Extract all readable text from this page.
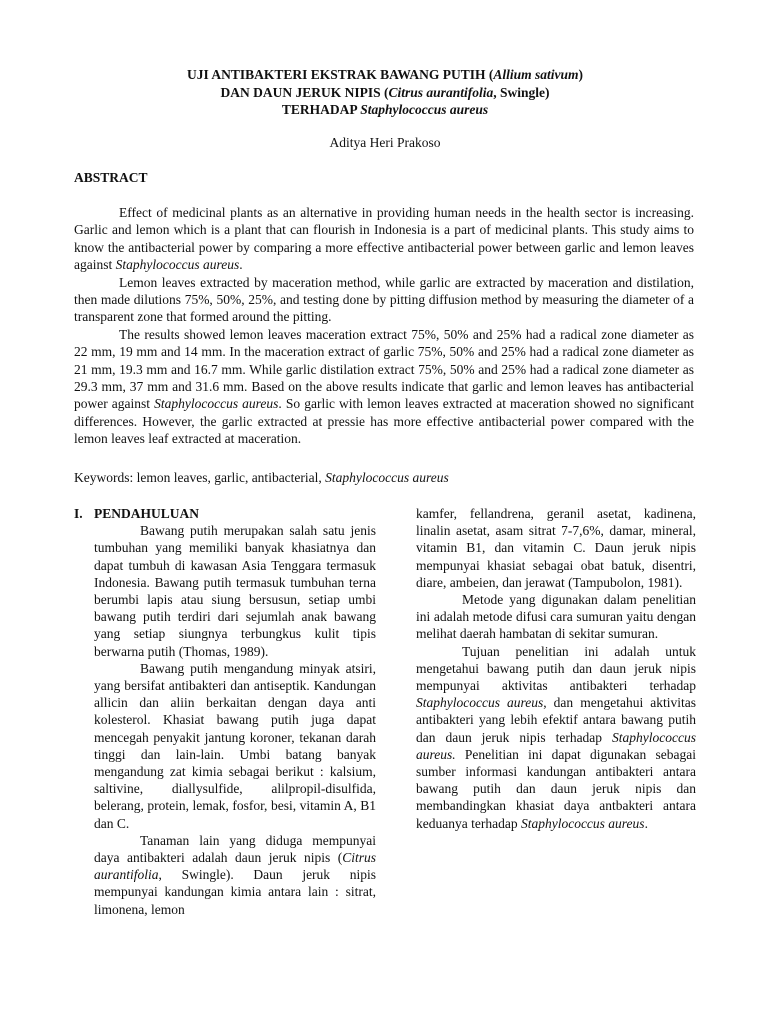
UJI ANTIBAKTERI EKSTRAK BAWANG PUTIH (Allium sativum)
DAN DAUN JERUK NIPIS (Citrus aurantifolia, Swingle)
TERHADAP Staphylococcus aureus
Aditya Heri Prakoso
ABSTRACT

Effect of medicinal plants as an alternative in providing human needs in the health sector is increasing. Garlic and lemon which is a plant that can flourish in Indonesia is a part of medicinal plants. This study aims to know the antibacterial power by comparing a more effective antibacterial power between garlic and lemon leaves against Staphylococcus aureus.

Lemon leaves extracted by maceration method, while garlic are extracted by maceration and distilation, then made dilutions 75%, 50%, 25%, and testing done by pitting diffusion method by measuring the diameter of a transparent zone that formed around the pitting.

The results showed lemon leaves maceration extract 75%, 50% and 25% had a radical zone diameter as 22 mm, 19 mm and 14 mm. In the maceration extract of garlic 75%, 50% and 25% had a radical zone diameter as 21 mm, 19.3 mm and 16.7 mm. While garlic distilation extract 75%, 50% and 25% had a radical zone diameter as 29.3 mm, 37 mm and 31.6 mm. Based on the above results indicate that garlic and lemon leaves has antibacterial power against Staphylococcus aureus. So garlic with lemon leaves extracted at maceration showed no significant differences. However, the garlic extracted at pressie has more effective antibacterial power compared with the lemon leaves leaf extracted at maceration.

Keywords: lemon leaves, garlic, antibacterial, Staphylococcus aureus
I. PENDAHULUAN

Bawang putih merupakan salah satu jenis tumbuhan yang memiliki banyak khasiatnya dan dapat tumbuh di kawasan Asia Tenggara termasuk Indonesia. Bawang putih termasuk tumbuhan terna berumbi lapis atau siung bersusun, setiap umbi bawang putih terdiri dari sejumlah anak bawang yang setiap siungnya terbungkus kulit tipis berwarna putih (Thomas, 1989).

Bawang putih mengandung minyak atsiri, yang bersifat antibakteri dan antiseptik. Kandungan allicin dan aliin berkaitan dengan daya anti kolesterol. Khasiat bawang putih juga dapat mencegah penyakit jantung koroner, tekanan darah tinggi dan lain-lain. Umbi batang banyak mengandung zat kimia sebagai berikut : kalsium, saltivine, diallysulfide, alilpropil-disulfida, belerang, protein, lemak, fosfor, besi, vitamin A, B1 dan C.

Tanaman lain yang diduga mempunyai daya antibakteri adalah daun jeruk nipis (Citrus aurantifolia, Swingle). Daun jeruk nipis mempunyai kandungan kimia antara lain : sitrat, limonena, lemon

kamfer, fellandrena, geranil asetat, kadinena, linalin asetat, asam sitrat 7-7,6%, damar, mineral, vitamin B1, dan vitamin C. Daun jeruk nipis mempunyai khasiat sebagai obat batuk, disentri, diare, ambeien, dan jerawat (Tampubolon, 1981).

Metode yang digunakan dalam penelitian ini adalah metode difusi cara sumuran yaitu dengan melihat daerah hambatan di sekitar sumuran.

Tujuan penelitian ini adalah untuk mengetahui bawang putih dan daun jeruk nipis mempunyai aktivitas antibakteri terhadap Staphylococcus aureus, dan mengetahui aktivitas antibakteri yang lebih efektif antara bawang putih dan daun jeruk nipis terhadap Staphylococcus aureus. Penelitian ini dapat digunakan sebagai sumber informasi kandungan antibakteri antara bawang putih dan daun jeruk nipis dan membandingkan khasiat daya antbakteri antara keduanya terhadap Staphylococcus aureus.
